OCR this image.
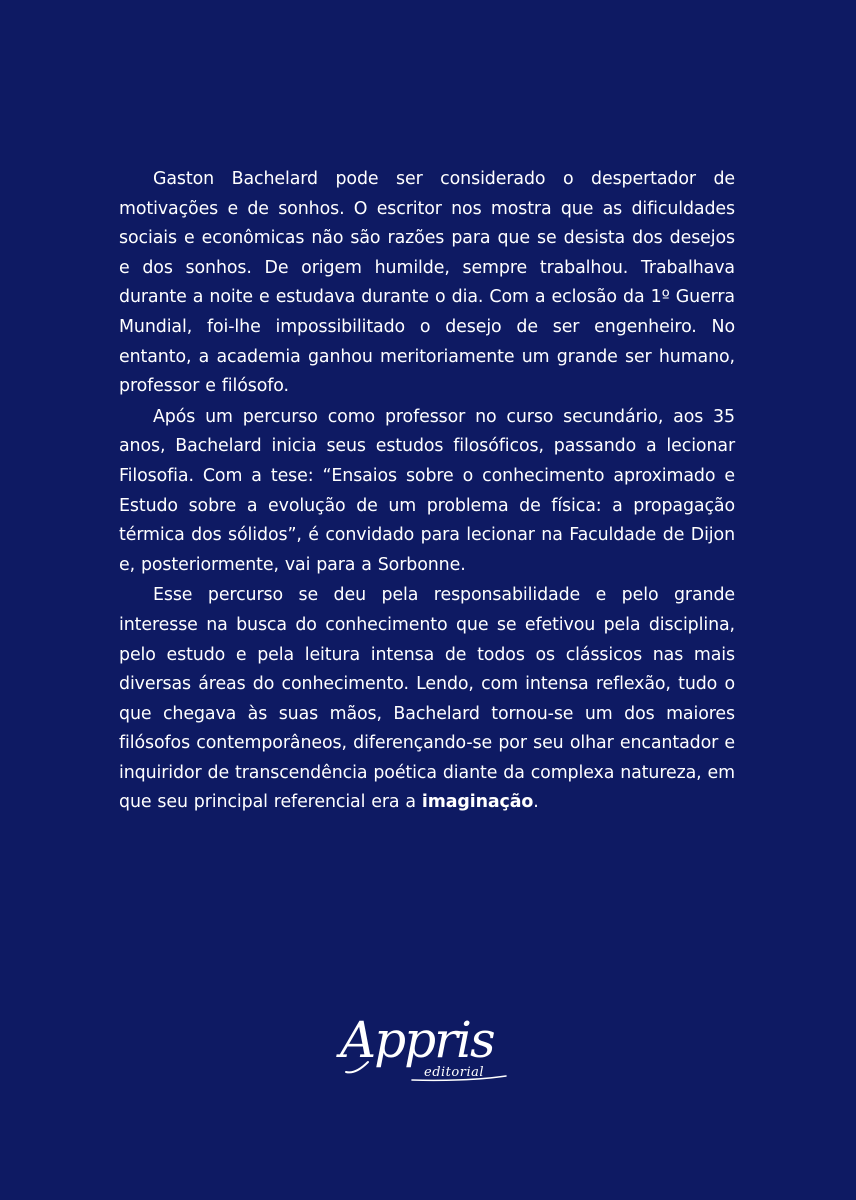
Gaston Bachelard pode ser considerado o despertador de motivações e de sonhos. O escritor nos mostra que as dificuldades sociais e econômicas não são razões para que se desista dos desejos e dos sonhos. De origem humilde, sempre trabalhou. Trabalhava durante a noite e estudava durante o dia. Com a eclosão da 1º Guerra Mundial, foi-lhe impossibilitado o desejo de ser engenheiro. No entanto, a academia ganhou meritoriamente um grande ser humano, professor e filósofo.

Após um percurso como professor no curso secundário, aos 35 anos, Bachelard inicia seus estudos filosóficos, passando a lecionar Filosofia. Com a tese: “Ensaios sobre o conhecimento aproximado e Estudo sobre a evolução de um problema de física: a propagação térmica dos sólidos”, é convidado para lecionar na Faculdade de Dijon e, posteriormente, vai para a Sorbonne.

Esse percurso se deu pela responsabilidade e pelo grande interesse na busca do conhecimento que se efetivou pela disciplina, pelo estudo e pela leitura intensa de todos os clássicos nas mais diversas áreas do conhecimento. Lendo, com intensa reflexão, tudo o que chegava às suas mãos, Bachelard tornou-se um dos maiores filósofos contemporâneos, diferençando-se por seu olhar encantador e inquiridor de transcendência poética diante da complexa natureza, em que seu principal referencial era a imaginação.

Appris
editorial
